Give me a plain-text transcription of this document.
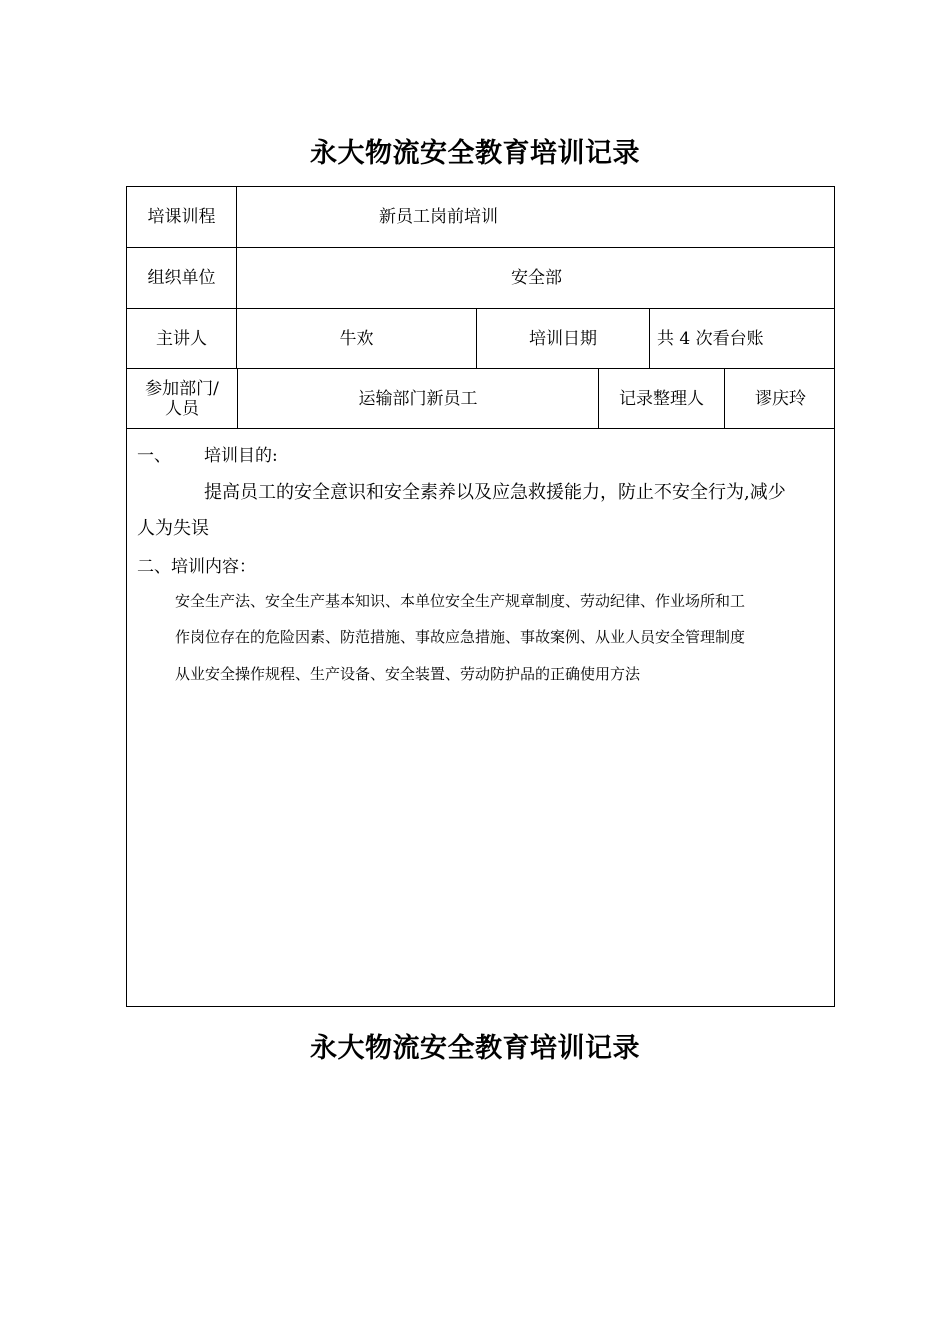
永大物流安全教育培训记录
培课训程	新员工岗前培训
组织单位	安全部
主讲人	牛欢	培训日期	共 4 次看台账
参加部门/
人员	运输部门新员工	记录整理人	谬庆玲
一、 培训目的:
提高员工的安全意识和安全素养以及应急救援能力，防止不安全行为,减少
人为失误
二、培训内容：
安全生产法、安全生产基本知识、本单位安全生产规章制度、劳动纪律、作业场所和工
作岗位存在的危险因素、防范措施、事故应急措施、事故案例、从业人员安全管理制度
从业安全操作规程、生产设备、安全装置、劳动防护品的正确使用方法
永大物流安全教育培训记录
